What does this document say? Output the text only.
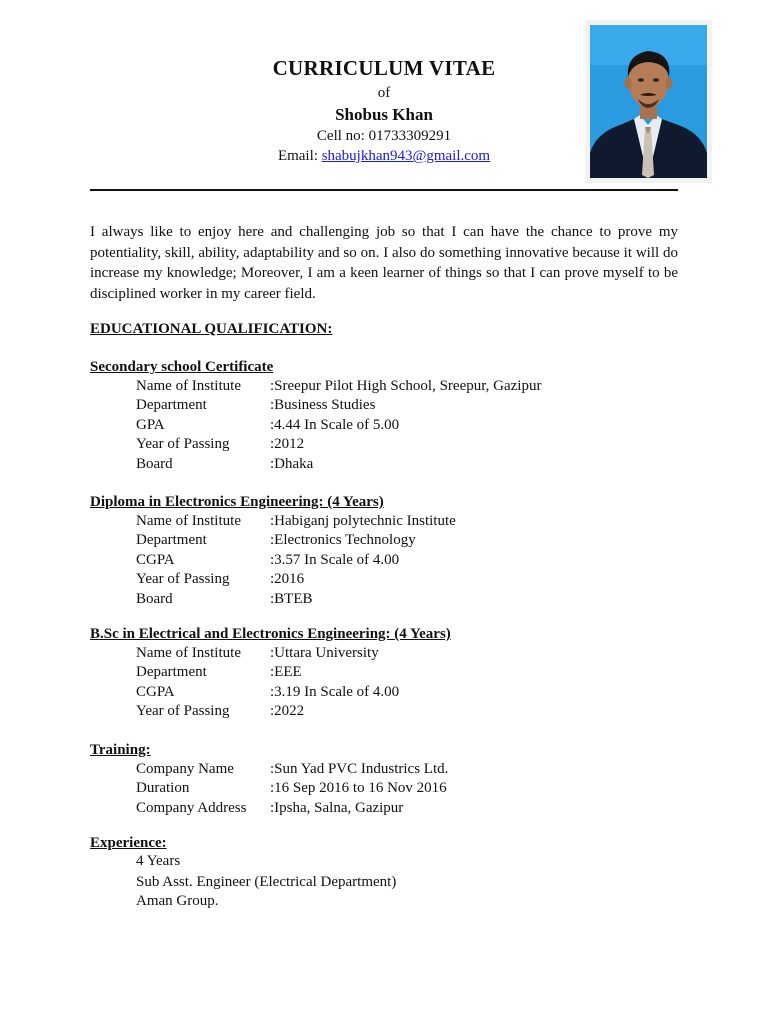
CURRICULUM VITAE
of
Shobus Khan
Cell no: 01733309291
Email: shabujkhan943@gmail.com
I always like to enjoy here and challenging job so that I can have the chance to prove my potentiality, skill, ability, adaptability and so on. I also do something innovative because it will do increase my knowledge; Moreover, I am a keen learner of things so that I can prove myself to be disciplined worker in my career field.
EDUCATIONAL QUALIFICATION:
Secondary school Certificate
Name of Institute	:Sreepur Pilot High School, Sreepur, Gazipur
Department	:Business Studies
GPA	:4.44 In Scale of 5.00
Year of Passing	:2012
Board	:Dhaka
Diploma in Electronics Engineering: (4 Years)
Name of Institute	:Habiganj polytechnic Institute
Department	:Electronics Technology
CGPA	:3.57 In Scale of 4.00
Year of Passing	:2016
Board	:BTEB
B.Sc in Electrical and Electronics Engineering: (4 Years)
Name of Institute	:Uttara University
Department	:EEE
CGPA	:3.19 In Scale of 4.00
Year of Passing	:2022
Training:
Company Name	:Sun Yad PVC Industrics Ltd.
Duration	:16 Sep 2016 to 16 Nov 2016
Company Address	:Ipsha, Salna, Gazipur
Experience:
4 Years
Sub Asst. Engineer (Electrical Department)
Aman Group.
